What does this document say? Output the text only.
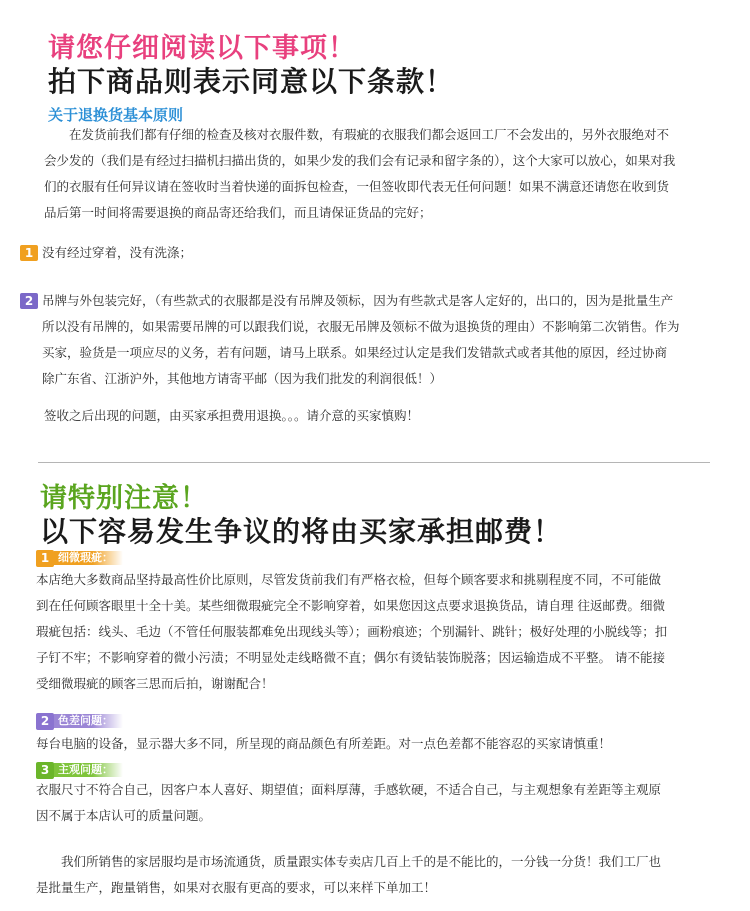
请您仔细阅读以下事项！
拍下商品则表示同意以下条款！
关于退换货基本原则
　　在发货前我们都有仔细的检查及核对衣服件数，有瑕疵的衣服我们都会返回工厂不会发出的，另外衣服绝对不
会少发的（我们是有经过扫描机扫描出货的，如果少发的我们会有记录和留字条的），这个大家可以放心，如果对我
们的衣服有任何异议请在签收时当着快递的面拆包检查，一但签收即代表无任何问题！如果不满意还请您在收到货
品后第一时间将需要退换的商品寄还给我们，而且请保证货品的完好；
1 没有经过穿着，没有洗涤；
2 吊牌与外包装完好，（有些款式的衣服都是没有吊牌及领标，因为有些款式是客人定好的，出口的，因为是批量生产
所以没有吊牌的，如果需要吊牌的可以跟我们说，衣服无吊牌及领标不做为退换货的理由）不影响第二次销售。作为
买家，验货是一项应尽的义务，若有问题，请马上联系。如果经过认定是我们发错款式或者其他的原因，经过协商
除广东省、江浙沪外，其他地方请寄平邮（因为我们批发的利润很低！）
签收之后出现的问题，由买家承担费用退换。。。请介意的买家慎购！
请特别注意！
以下容易发生争议的将由买家承担邮费！
1 细微瑕疵：
本店绝大多数商品坚持最高性价比原则，尽管发货前我们有严格衣检，但每个顾客要求和挑剔程度不同，不可能做
到在任何顾客眼里十全十美。某些细微瑕疵完全不影响穿着，如果您因这点要求退换货品，请自理 往返邮费。细微
瑕疵包括：线头、毛边（不管任何服装都难免出现线头等）；画粉痕迹；个别漏针、跳针；极好处理的小脱线等；扣
子钉不牢；不影响穿着的微小污渍；不明显处走线略微不直；偶尔有烫钻装饰脱落；因运输造成不平整。 请不能接
受细微瑕疵的顾客三思而后拍，谢谢配合！
2 色差问题：
每台电脑的设备，显示器大多不同，所呈现的商品颜色有所差距。对一点色差都不能容忍的买家请慎重！
3 主观问题：
衣服尺寸不符合自己，因客户本人喜好、期望值；面料厚薄，手感软硬，不适合自己，与主观想象有差距等主观原
因不属于本店认可的质量问题。
　　我们所销售的家居服均是市场流通货，质量跟实体专卖店几百上千的是不能比的，一分钱一分货！我们工厂也
是批量生产，跑量销售，如果对衣服有更高的要求，可以来样下单加工！
